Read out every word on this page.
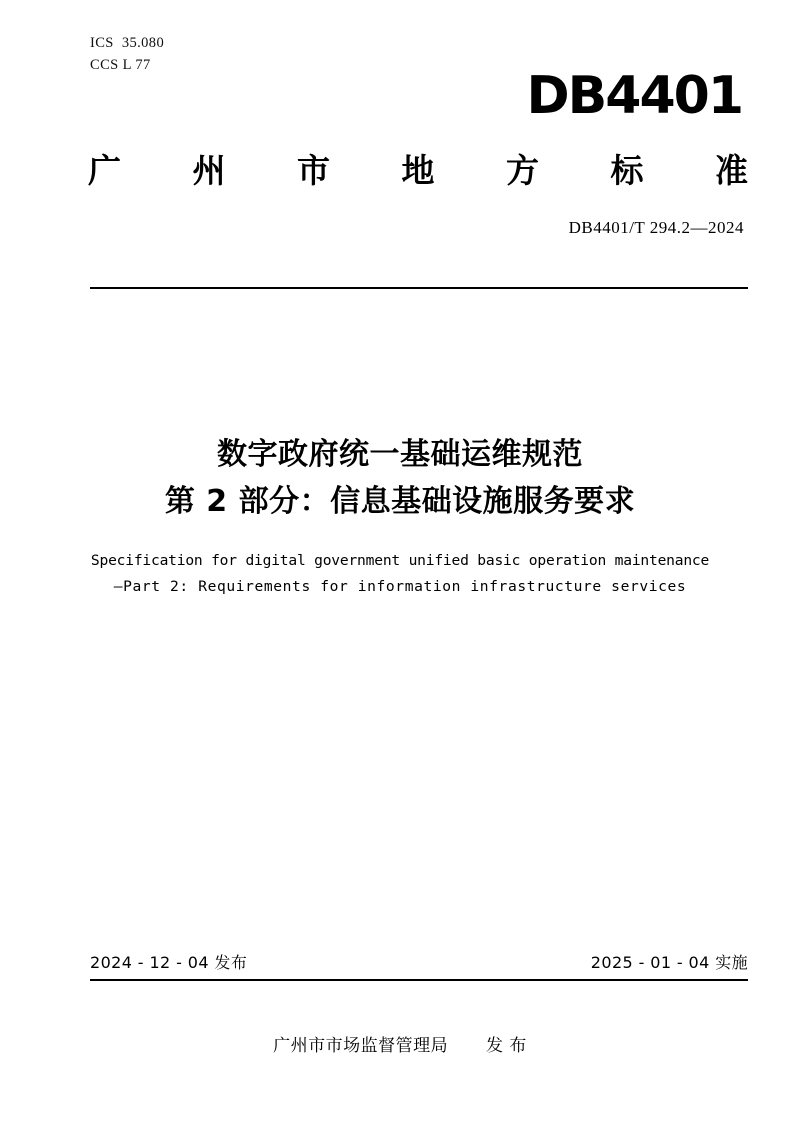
ICS  35.080
CCS L 77
DB4401
广 州 市 地 方 标 准
DB4401/T 294.2—2024
数字政府统一基础运维规范
第 2 部分：信息基础设施服务要求
Specification for digital government unified basic operation maintenance
—Part 2: Requirements for information infrastructure services
2024 - 12 - 04 发布	2025 - 01 - 04 实施
广州市市场监督管理局 发 布
